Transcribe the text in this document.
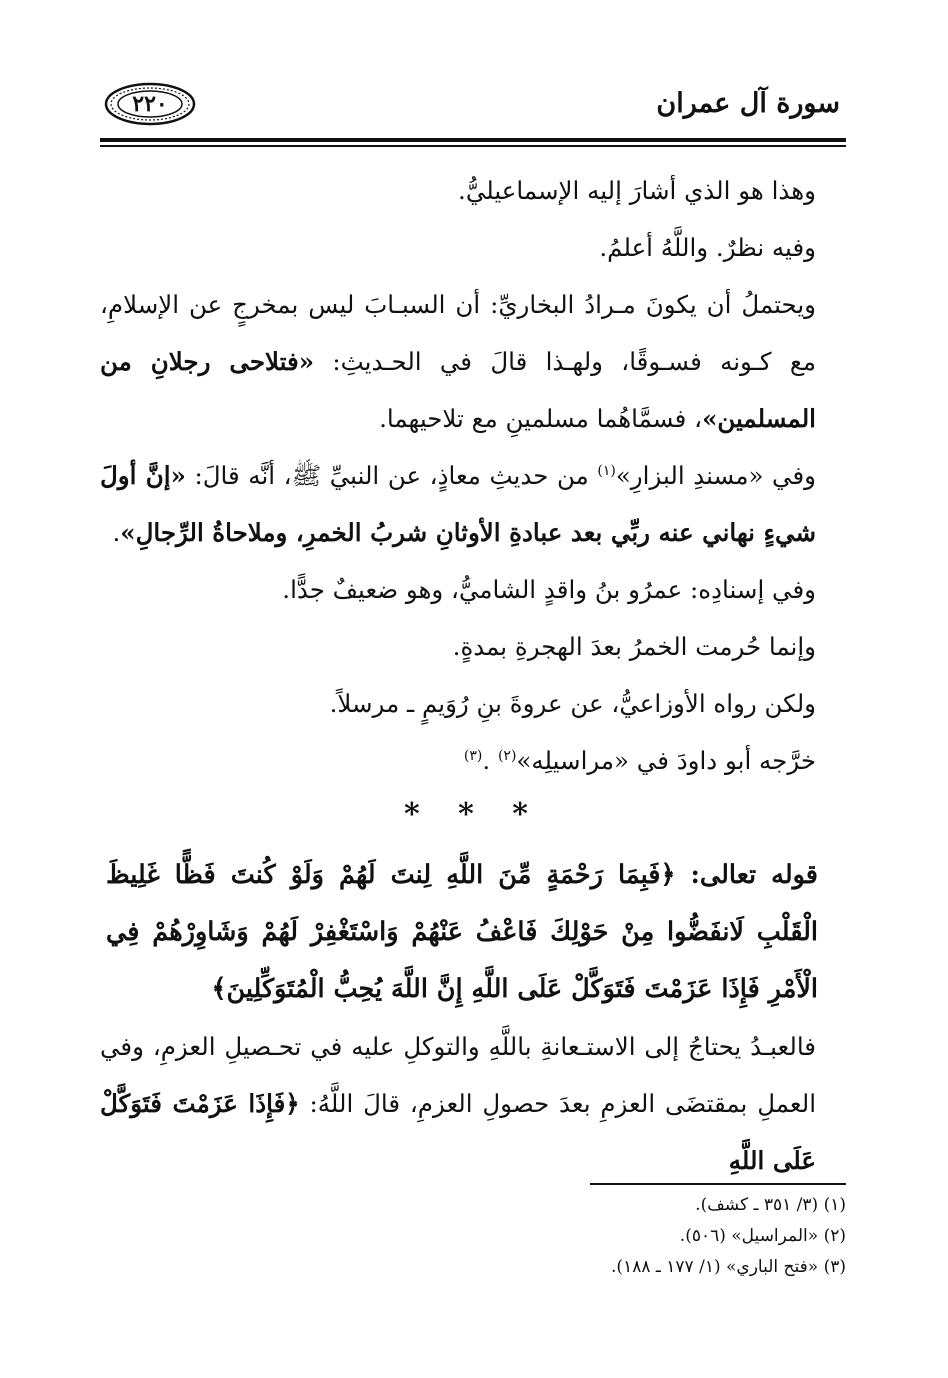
٢٢٠	سورة آل عمران

وهذا هو الذي أشارَ إليه الإسماعيليُّ.

وفيه نظرٌ. واللَّهُ أعلمُ.

ويحتملُ أن يكونَ مـرادُ البخاريِّ: أن السبـابَ ليس بمخرجٍ عن الإسلامِ، مع كـونه فسـوقًا، ولهـذا قالَ في الحـديثِ: «فتلاحى رجلانِ من المسلمين»، فسمَّاهُما مسلمينِ مع تلاحيهما.

وفي «مسندِ البزارِ»$^{(١)}$ من حديثِ معاذٍ، عن النبيِّ ﷺ، أنَّه قالَ: «إنَّ أولَ شيءٍ نهاني عنه ربِّي بعد عبادةِ الأوثانِ شربُ الخمرِ، وملاحاةُ الرِّجالِ».

وفي إسنادِه: عمرُو بنُ واقدٍ الشاميُّ، وهو ضعيفٌ جدًّا.

وإنما حُرمت الخمرُ بعدَ الهجرةِ بمدةٍ.

ولكن رواه الأوزاعيُّ، عن عروةَ بنِ رُوَيمٍ ـ مرسلاً.

خرَّجه أبو داودَ في «مراسيلِه»$^{(٢)}$ .$^{(٣)}$

* * *

قوله تعالى: ﴿فَبِمَا رَحْمَةٍ مِّنَ اللَّهِ لِنتَ لَهُمْ وَلَوْ كُنتَ فَظًّا غَلِيظَ الْقَلْبِ لَانفَضُّوا مِنْ حَوْلِكَ فَاعْفُ عَنْهُمْ وَاسْتَغْفِرْ لَهُمْ وَشَاوِرْهُمْ فِي الْأَمْرِ فَإِذَا عَزَمْتَ فَتَوَكَّلْ عَلَى اللَّهِ إِنَّ اللَّهَ يُحِبُّ الْمُتَوَكِّلِينَ﴾

فالعبـدُ يحتاجُ إلى الاستـعانةِ باللَّهِ والتوكلِ عليه في تحـصيلِ العزمِ، وفي العملِ بمقتضَى العزمِ بعدَ حصولِ العزمِ، قالَ اللَّهُ: ﴿فَإِذَا عَزَمْتَ فَتَوَكَّلْ عَلَى اللَّهِ

(١) (٣/ ٣٥١ ـ كشف).

(٢) «المراسيل» (٥٠٦).

(٣) «فتح الباري» (١/ ١٧٧ ـ ١٨٨).
